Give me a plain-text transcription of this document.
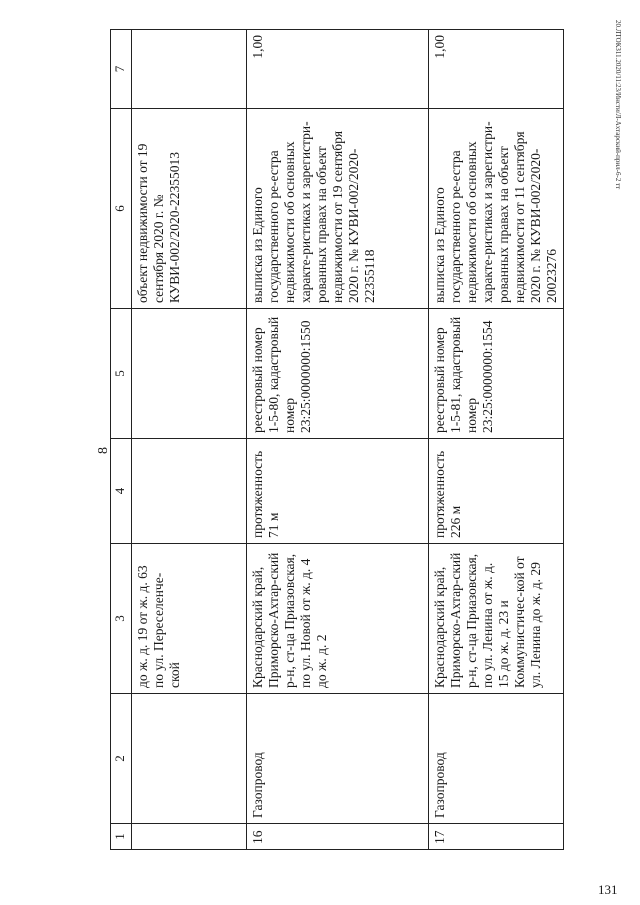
8
20.ЛТОКЗ11.2020/11:23/Инсти/Л-Ахтарский-прил-6-2 тт
131
1	2	3	4	5	6	7
		до ж. д. 19 от ж. д. 63 по ул. Переселенче-ской			объект недвижимости от 19 сентября 2020 г. № КУВИ-002/2020-22355013	
16	Газопровод	Краснодарский край, Приморско-Ахтар-ский р-н, ст-ца Приазовская, по ул. Новой от ж. д. 4 до ж. д. 2	протяженность 71 м	реестровый номер 1-5-80, кадастровый номер 23:25:0000000:1550	выписка из Единого государственного ре-естра недвижимости об основных характе-ристиках и зарегистри-рованных правах на объект недвижимости от 19 сентября 2020 г. № КУВИ-002/2020-22355118	1,00
17	Газопровод	Краснодарский край, Приморско-Ахтар-ский р-н, ст-ца Приазовская, по ул. Ленина от ж. д. 15 до ж. д. 23 и Коммунистичес-кой от ул. Ленина до ж. д. 29	протяженность 226 м	реестровый номер 1-5-81, кадастровый номер 23:25:0000000:1554	выписка из Единого государственного ре-естра недвижимости об основных характе-ристиках и зарегистри-рованных правах на объект недвижимости от 11 сентября 2020 г. № КУВИ-002/2020-20023276	1,00
